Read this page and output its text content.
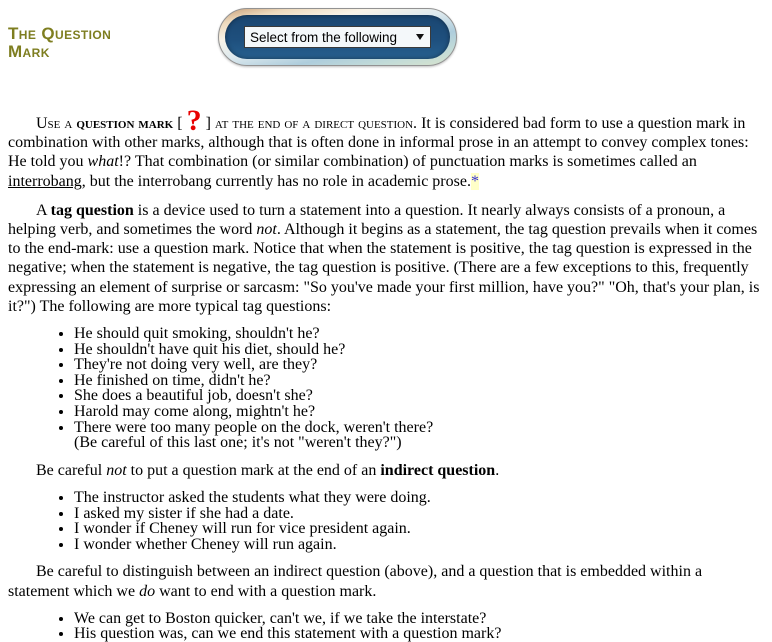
The Question Mark
Select from the following

Use a question mark [ ? ] at the end of a direct question. It is considered bad form to use a question mark in combination with other marks, although that is often done in informal prose in an attempt to convey complex tones: He told you what!? That combination (or similar combination) of punctuation marks is sometimes called an interrobang, but the interrobang currently has no role in academic prose.*

A tag question is a device used to turn a statement into a question. It nearly always consists of a pronoun, a helping verb, and sometimes the word not. Although it begins as a statement, the tag question prevails when it comes to the end-mark: use a question mark. Notice that when the statement is positive, the tag question is expressed in the negative; when the statement is negative, the tag question is positive. (There are a few exceptions to this, frequently expressing an element of surprise or sarcasm: "So you've made your first million, have you?" "Oh, that's your plan, is it?") The following are more typical tag questions:

• He should quit smoking, shouldn't he?
• He shouldn't have quit his diet, should he?
• They're not doing very well, are they?
• He finished on time, didn't he?
• She does a beautiful job, doesn't she?
• Harold may come along, mightn't he?
• There were too many people on the dock, weren't there?
(Be careful of this last one; it's not "weren't they?")

Be careful not to put a question mark at the end of an indirect question.

• The instructor asked the students what they were doing.
• I asked my sister if she had a date.
• I wonder if Cheney will run for vice president again.
• I wonder whether Cheney will run again.

Be careful to distinguish between an indirect question (above), and a question that is embedded within a statement which we do want to end with a question mark.

• We can get to Boston quicker, can't we, if we take the interstate?
• His question was, can we end this statement with a question mark?
